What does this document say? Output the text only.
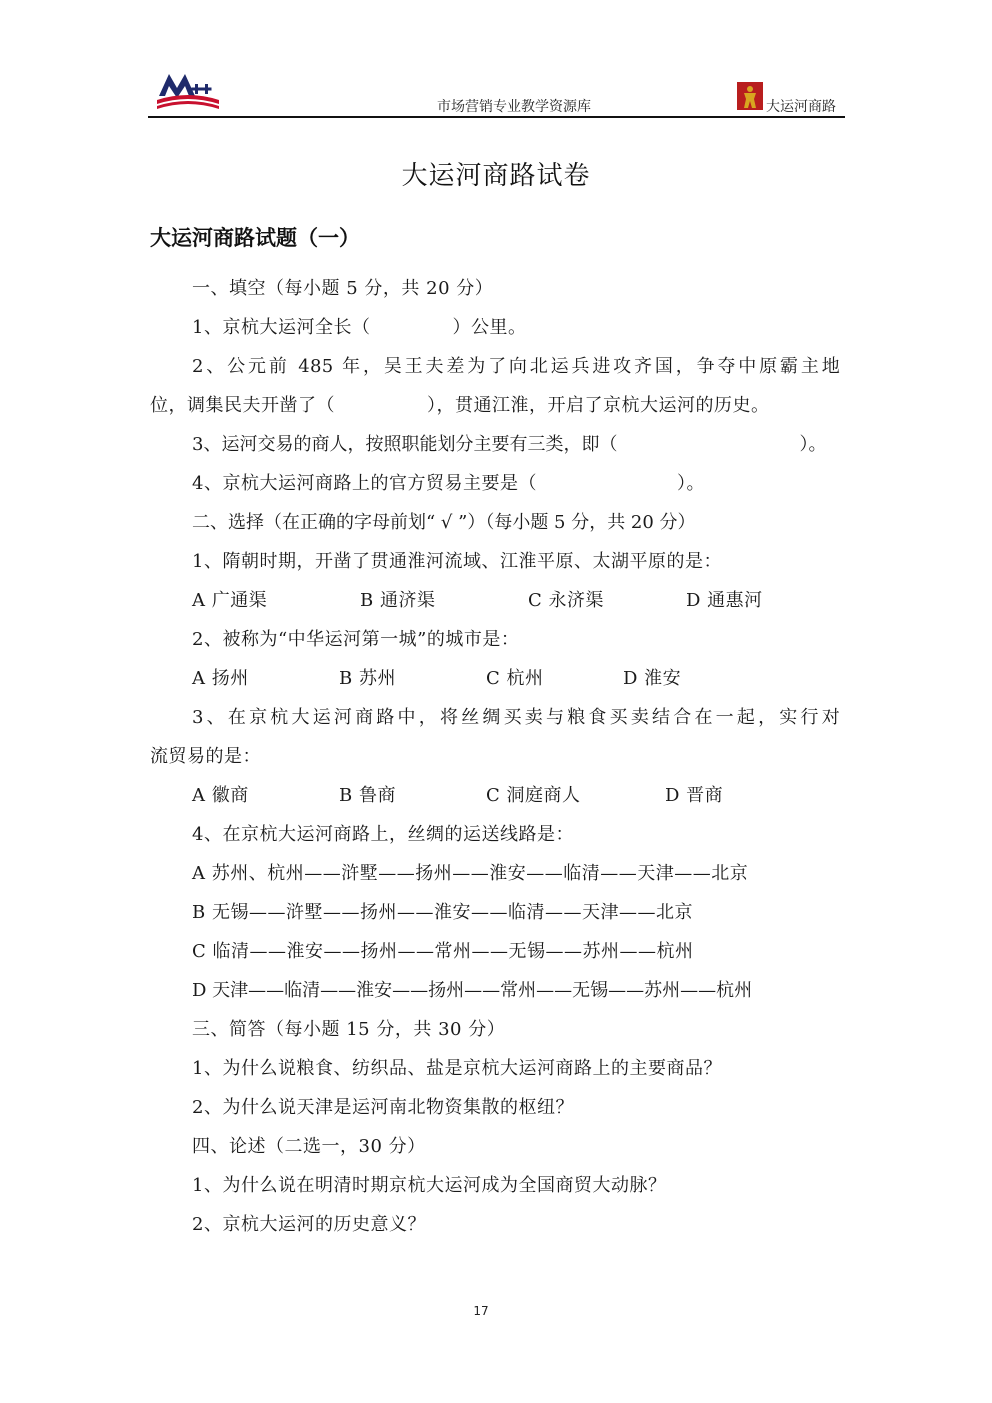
市场营销专业教学资源库	大运河商路
大运河商路试卷
大运河商路试题（一）
一、填空（每小题 5 分，共 20 分）
1、京杭大运河全长（	）公里。
2、公元前 485 年，吴王夫差为了向北运兵进攻齐国，争夺中原霸主地
位，调集民夫开凿了（	），贯通江淮，开启了京杭大运河的历史。
3、运河交易的商人，按照职能划分主要有三类，即（	）。
4、京杭大运河商路上的官方贸易主要是（	）。
二、选择（在正确的字母前划“ √ ”）（每小题 5 分，共 20 分）
1、隋朝时期，开凿了贯通淮河流域、江淮平原、太湖平原的是：
A 广通渠	B 通济渠	C 永济渠	D 通惠河
2、被称为“中华运河第一城”的城市是：
A 扬州	B 苏州	C 杭州	D 淮安
3、在京杭大运河商路中，将丝绸买卖与粮食买卖结合在一起，实行对
流贸易的是：
A 徽商	B 鲁商	C 洞庭商人	D 晋商
4、在京杭大运河商路上，丝绸的运送线路是：
A 苏州、杭州——浒墅——扬州——淮安——临清——天津——北京
B 无锡——浒墅——扬州——淮安——临清——天津——北京
C 临清——淮安——扬州——常州——无锡——苏州——杭州
D 天津——临清——淮安——扬州——常州——无锡——苏州——杭州
三、简答（每小题 15 分，共 30 分）
1、为什么说粮食、纺织品、盐是京杭大运河商路上的主要商品？
2、为什么说天津是运河南北物资集散的枢纽？
四、论述（二选一，30 分）
1、为什么说在明清时期京杭大运河成为全国商贸大动脉？
2、京杭大运河的历史意义？
17
